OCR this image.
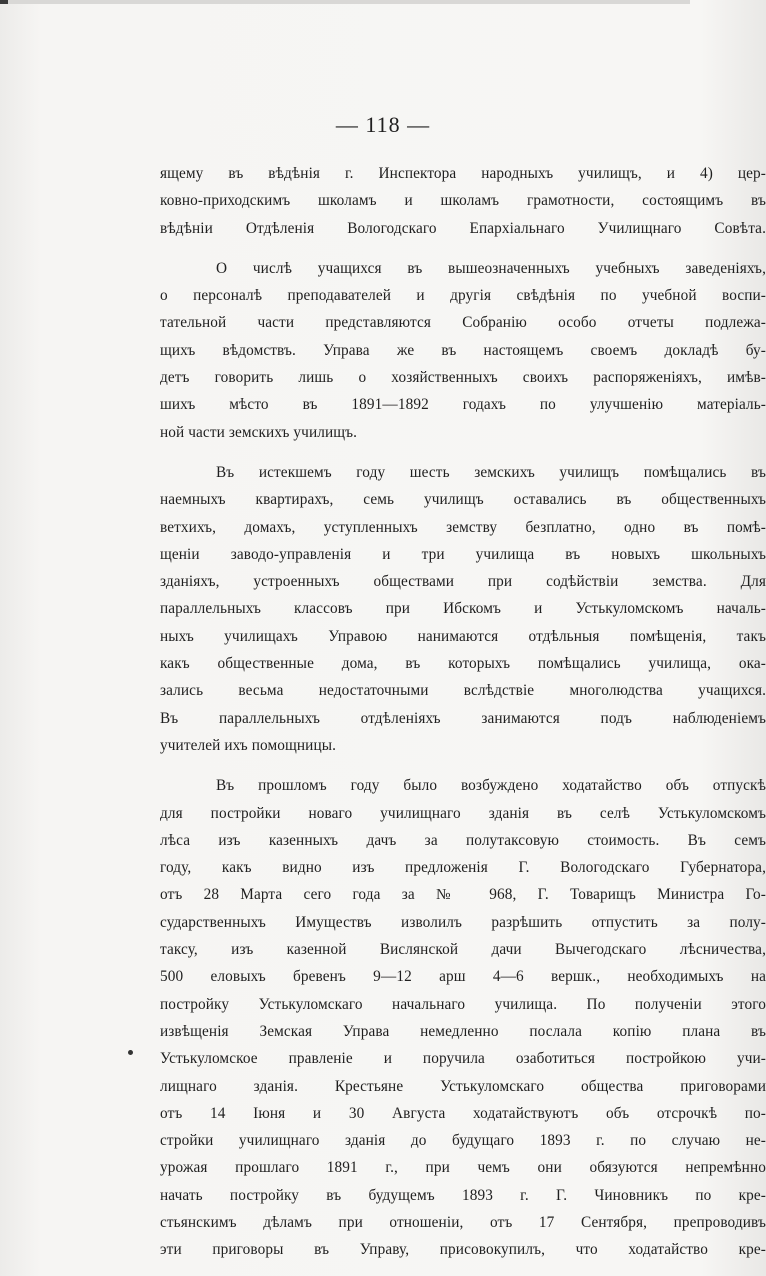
— 118 —

ящему въ вѣдѣнія г. Инспектора народныхъ училищъ, и 4) цер-
ковно-приходскимъ школамъ и школамъ грамотности, состоящимъ въ
вѣдѣніи Отдѣленія Вологодскаго Епархіальнаго Училищнаго Совѣта.

О числѣ учащихся въ вышеозначенныхъ учебныхъ заведеніяхъ,
о персоналѣ преподавателей и другія свѣдѣнія по учебной воспи-
тательной части представляются Собранію особо отчеты подлежа-
щихъ вѣдомствъ. Управа же въ настоящемъ своемъ докладѣ бу-
детъ говорить лишь о хозяйственныхъ своихъ распоряженіяхъ, имѣв-
шихъ мѣсто въ 1891—1892 годахъ по улучшенію матеріаль-
ной части земскихъ училищъ.

Въ истекшемъ году шесть земскихъ училищъ помѣщались въ
наемныхъ квартирахъ, семь училищъ оставались въ общественныхъ
ветхихъ, домахъ, уступленныхъ земству безплатно, одно въ помѣ-
щеніи заводо-управленія и три училища въ новыхъ школьныхъ
зданіяхъ, устроенныхъ обществами при содѣйствіи земства. Для
параллельныхъ классовъ при Ибскомъ и Устькуломскомъ началь-
ныхъ училищахъ Управою нанимаются отдѣльныя помѣщенія, такъ
какъ общественные дома, въ которыхъ помѣщались училища, ока-
зались весьма недостаточными вслѣдствіе многолюдства учащихся.
Въ параллельныхъ отдѣленіяхъ занимаются подъ наблюденіемъ
учителей ихъ помощницы.

Въ прошломъ году было возбуждено ходатайство объ отпускѣ
для постройки новаго училищнаго зданія въ селѣ Устькуломскомъ
лѣса изъ казенныхъ дачъ за полутаксовую стоимость. Въ семъ
году, какъ видно изъ предложенія Г. Вологодскаго Губернатора,
отъ 28 Марта сего года за № 968, Г. Товарищъ Министра Го-
сударственныхъ Имуществъ изволилъ разрѣшить отпустить за полу-
таксу, изъ казенной Вислянской дачи Вычегодскаго лѣсничества,
500 еловыхъ бревенъ 9—12 арш 4—6 вершк., необходимыхъ на
постройку Устькуломскаго начальнаго училища. По полученіи этого
извѣщенія Земская Управа немедленно послала копію плана въ
Устькуломское правленіе и поручила озаботиться постройкою учи-
лищнаго зданія. Крестьяне Устькуломскаго общества приговорами
отъ 14 Іюня и 30 Августа ходатайствуютъ объ отсрочкѣ по-
стройки училищнаго зданія до будущаго 1893 г. по случаю не-
урожая прошлаго 1891 г., при чемъ они обязуются непремѣнно
начать постройку въ будущемъ 1893 г. Г. Чиновникъ по кре-
стьянскимъ дѣламъ при отношеніи, отъ 17 Сентября, препроводивъ
эти приговоры въ Управу, присовокупилъ, что ходатайство кре-
